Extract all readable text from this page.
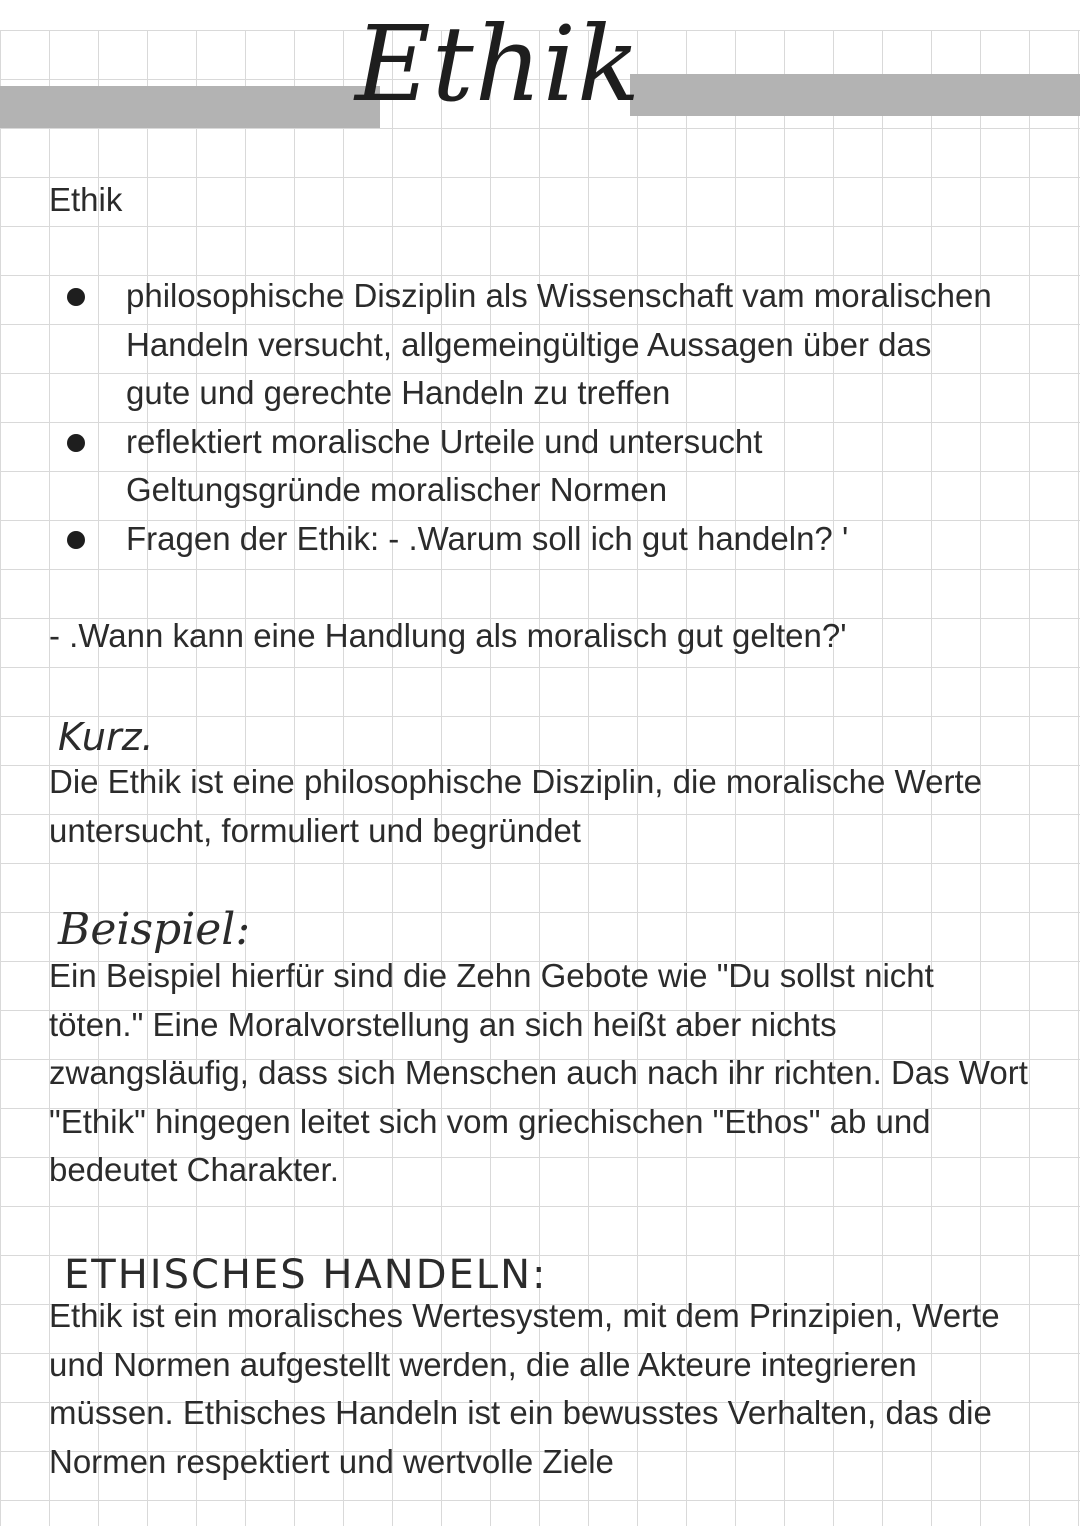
Ethik

Ethik

philosophische Disziplin als Wissenschaft vam moralischen Handeln versucht, allgemeingültige Aussagen über das gute und gerechte Handeln zu treffen
reflektiert moralische Urteile und untersucht Geltungsgründe moralischer Normen
Fragen der Ethik: - .Warum soll ich gut handeln? '

- .Wann kann eine Handlung als moralisch gut gelten?'

Kurz.

Die Ethik ist eine philosophische Disziplin, die moralische Werte untersucht, formuliert und begründet

Beispiel:

Ein Beispiel hierfür sind die Zehn Gebote wie "Du sollst nicht töten." Eine Moralvorstellung an sich heißt aber nichts zwangsläufig, dass sich Menschen auch nach ihr richten. Das Wort "Ethik" hingegen leitet sich vom griechischen "Ethos" ab und bedeutet Charakter.

ETHISCHES HANDELN:

Ethik ist ein moralisches Wertesystem, mit dem Prinzipien, Werte und Normen aufgestellt werden, die alle Akteure integrieren müssen. Ethisches Handeln ist ein bewusstes Verhalten, das die Normen respektiert und wertvolle Ziele
